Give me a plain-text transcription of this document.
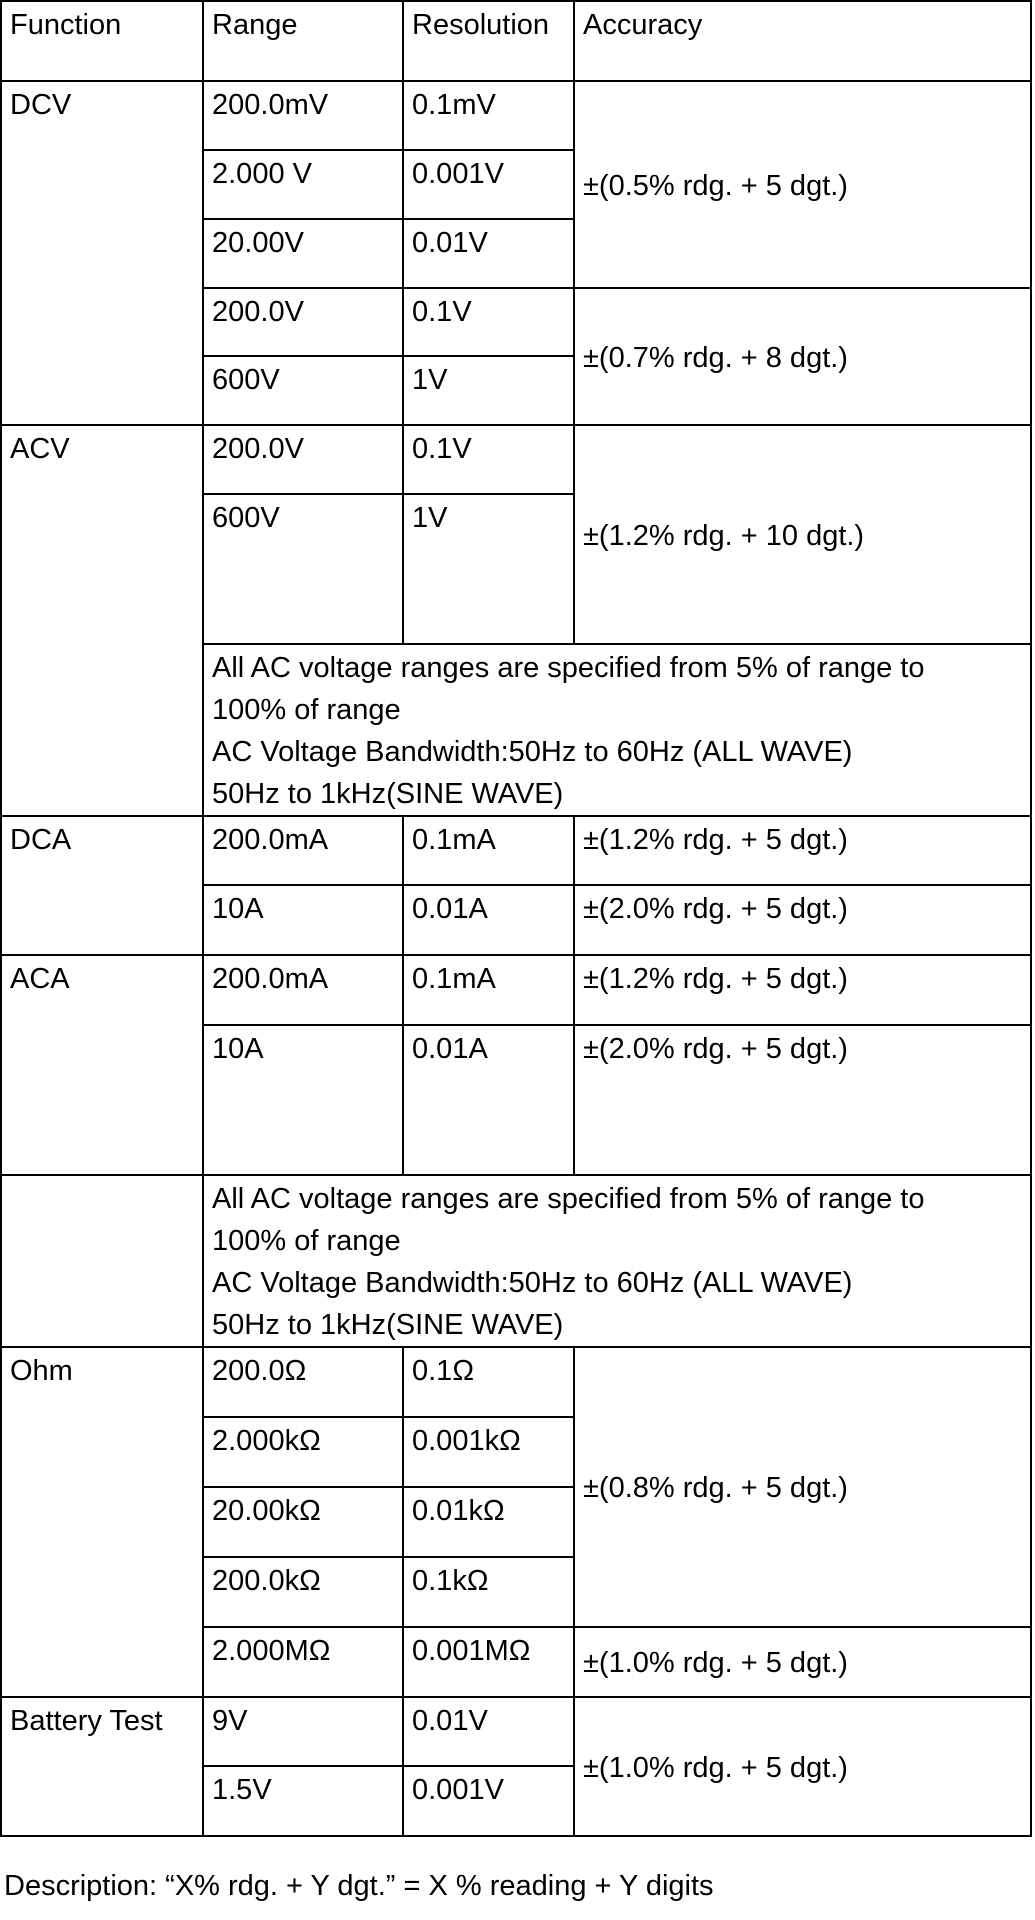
Function	Range	Resolution	Accuracy
DCV	200.0mV	0.1mV	±(0.5% rdg. + 5 dgt.)
	2.000 V	0.001V	
	20.00V	0.01V	
	200.0V	0.1V	±(0.7% rdg. + 8 dgt.)
	600V	1V	
ACV	200.0V	0.1V	±(1.2% rdg. + 10 dgt.)
	600V	1V	

	All AC voltage ranges are specified from 5% of range to
100% of range
AC Voltage Bandwidth:50Hz to 60Hz (ALL WAVE)
50Hz to 1kHz(SINE WAVE)		

DCA	200.0mA	0.1mA	±(1.2% rdg. + 5 dgt.)
	10A	0.01A	±(2.0% rdg. + 5 dgt.)
ACA	200.0mA	0.1mA	±(1.2% rdg. + 5 dgt.)
	10A	0.01A	±(2.0% rdg. + 5 dgt.)

	All AC voltage ranges are specified from 5% of range to
100% of range
AC Voltage Bandwidth:50Hz to 60Hz (ALL WAVE)
50Hz to 1kHz(SINE WAVE)		

Ohm	200.0Ω	0.1Ω	±(0.8% rdg. + 5 dgt.)
	2.000kΩ	0.001kΩ	
	20.00kΩ	0.01kΩ	
	200.0kΩ	0.1kΩ	
	2.000MΩ	0.001MΩ	±(1.0% rdg. + 5 dgt.)
Battery Test	9V	0.01V	±(1.0% rdg. + 5 dgt.)
	1.5V	0.001V	
Description: “X% rdg. + Y dgt.” = X % reading + Y digits
